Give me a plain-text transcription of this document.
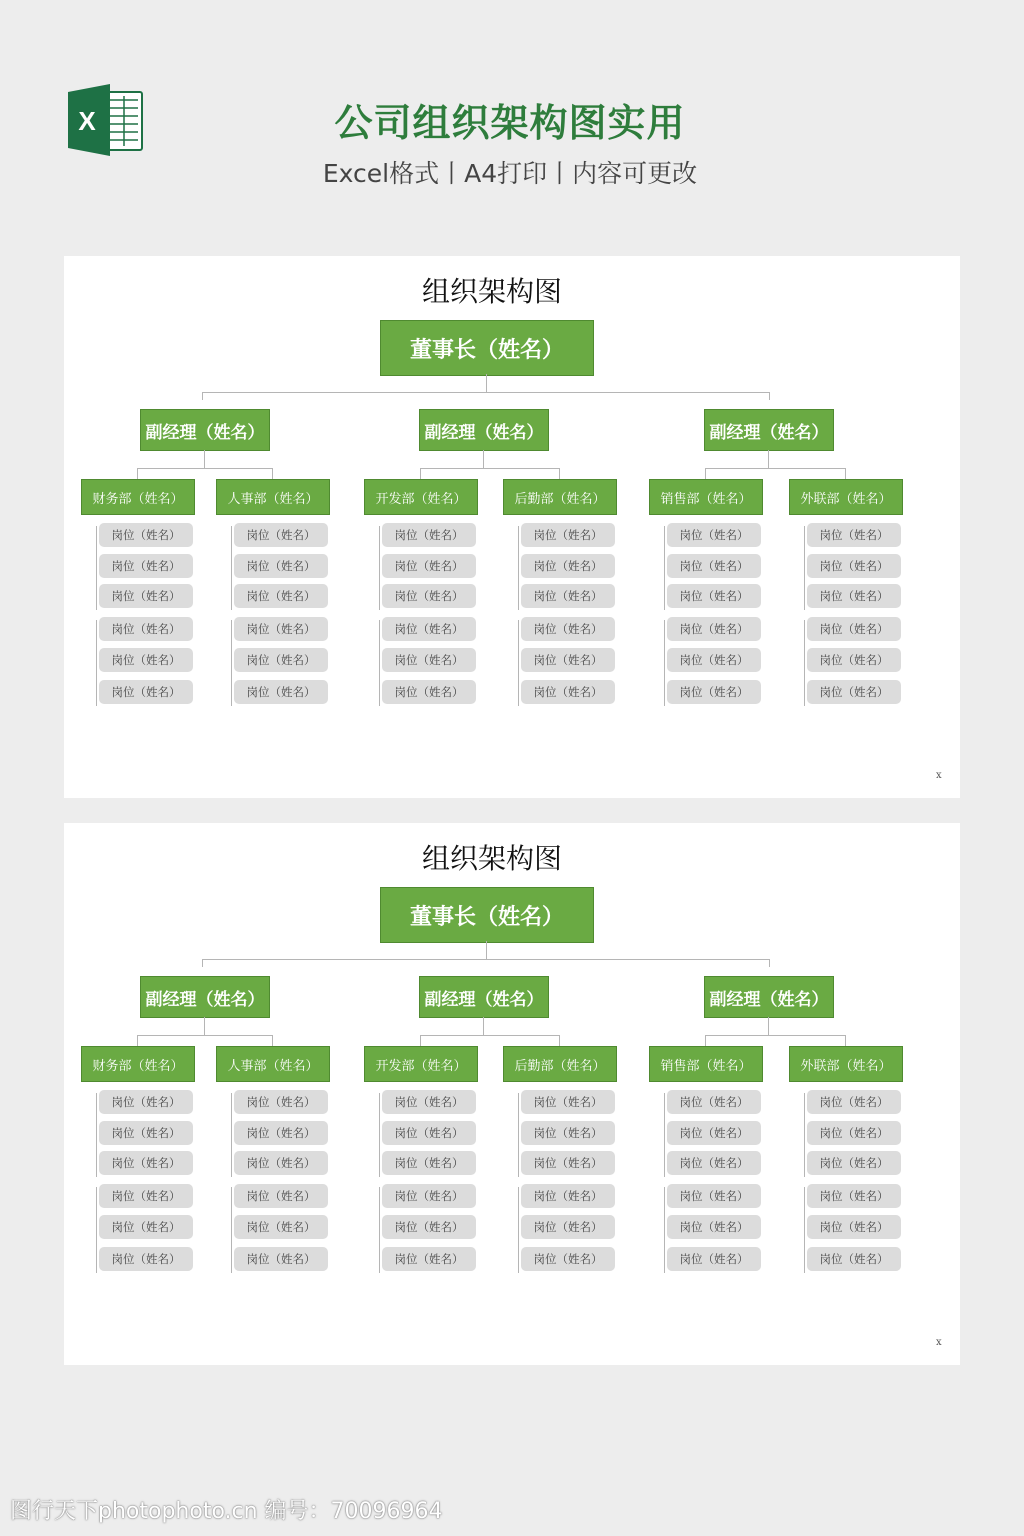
X	公司组织架构图实用
Excel格式丨A4打印丨内容可更改
组织架构图
董事长（姓名）
副经理（姓名）
财务部（姓名）
岗位（姓名）
岗位（姓名）
岗位（姓名）
岗位（姓名）
岗位（姓名）
岗位（姓名）
人事部（姓名）
岗位（姓名）
岗位（姓名）
岗位（姓名）
岗位（姓名）
岗位（姓名）
岗位（姓名）
副经理（姓名）
开发部（姓名）
岗位（姓名）
岗位（姓名）
岗位（姓名）
岗位（姓名）
岗位（姓名）
岗位（姓名）
后勤部（姓名）
岗位（姓名）
岗位（姓名）
岗位（姓名）
岗位（姓名）
岗位（姓名）
岗位（姓名）
副经理（姓名）
销售部（姓名）
岗位（姓名）
岗位（姓名）
岗位（姓名）
岗位（姓名）
岗位（姓名）
岗位（姓名）
外联部（姓名）
岗位（姓名）
岗位（姓名）
岗位（姓名）
岗位（姓名）
岗位（姓名）
岗位（姓名）
x
组织架构图
董事长（姓名）
副经理（姓名）
财务部（姓名）
岗位（姓名）
岗位（姓名）
岗位（姓名）
岗位（姓名）
岗位（姓名）
岗位（姓名）
人事部（姓名）
岗位（姓名）
岗位（姓名）
岗位（姓名）
岗位（姓名）
岗位（姓名）
岗位（姓名）
副经理（姓名）
开发部（姓名）
岗位（姓名）
岗位（姓名）
岗位（姓名）
岗位（姓名）
岗位（姓名）
岗位（姓名）
后勤部（姓名）
岗位（姓名）
岗位（姓名）
岗位（姓名）
岗位（姓名）
岗位（姓名）
岗位（姓名）
副经理（姓名）
销售部（姓名）
岗位（姓名）
岗位（姓名）
岗位（姓名）
岗位（姓名）
岗位（姓名）
岗位（姓名）
外联部（姓名）
岗位（姓名）
岗位（姓名）
岗位（姓名）
岗位（姓名）
岗位（姓名）
岗位（姓名）
x
图行天下photophoto.cn 编号：70096964
